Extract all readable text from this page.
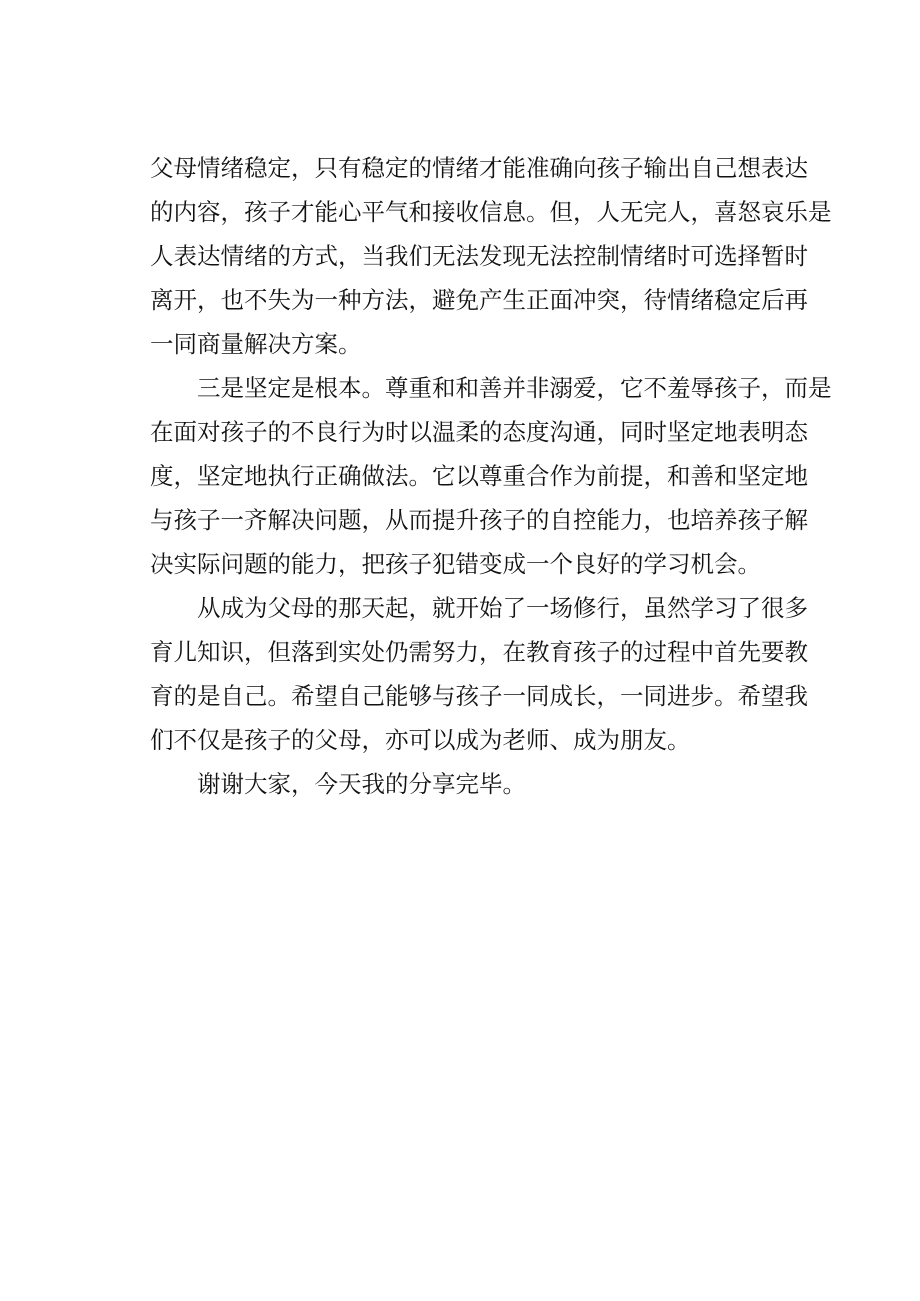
父母情绪稳定，只有稳定的情绪才能准确向孩子输出自己想表达
的内容，孩子才能心平气和接收信息。但，人无完人，喜怒哀乐是
人表达情绪的方式，当我们无法发现无法控制情绪时可选择暂时
离开，也不失为一种方法，避免产生正面冲突，待情绪稳定后再
一同商量解决方案。
三是坚定是根本。尊重和和善并非溺爱，它不羞辱孩子，而是
在面对孩子的不良行为时以温柔的态度沟通，同时坚定地表明态
度，坚定地执行正确做法。它以尊重合作为前提，和善和坚定地
与孩子一齐解决问题，从而提升孩子的自控能力，也培养孩子解
决实际问题的能力，把孩子犯错变成一个良好的学习机会。
从成为父母的那天起，就开始了一场修行，虽然学习了很多
育儿知识，但落到实处仍需努力，在教育孩子的过程中首先要教
育的是自己。希望自己能够与孩子一同成长，一同进步。希望我
们不仅是孩子的父母，亦可以成为老师、成为朋友。
谢谢大家，今天我的分享完毕。
